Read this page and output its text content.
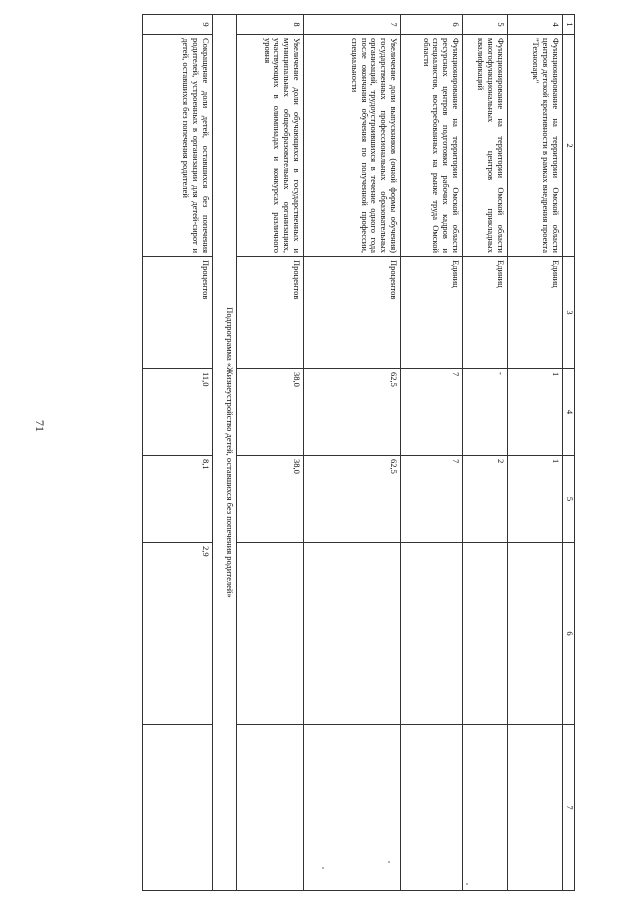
71
1	2	3	4	5	6	7
4	Функционирование на территории Омской области центров детской креативности в рамках внедрения проекта "Технопарк"	Единиц	1	1		
5	Функционирование на территории Омской области многофункциональных центров прикладных квалификаций	Единиц	-	2		
6	Функционирование на территории Омской области ресурсных центров подготовки рабочих кадров и специалистов, востребованных на рынке труда Омской области	Единиц	7	7		
7	Увеличение доли выпускников (очной формы обучения) государственных профессиональных образовательных организаций, трудоустроившихся в течение одного года после окончания обучения по полученной профессии, специальности	Процентов	62,5	62,5		
8	Увеличение доли обучающихся в государственных и муниципальных общеобразовательных организациях, участвующих в олимпиадах и конкурсах различного уровня	Процентов	38,0	38,0		
Подпрограмма «Жизнеустройство детей, оставшихся без попечения родителей»						
9	Сокращение доли детей, оставшихся без попечения родителей, устроенных в организации для детей-сирот и детей, оставшихся без попечения родителей	Процентов	11,0	8,1	2,9	
